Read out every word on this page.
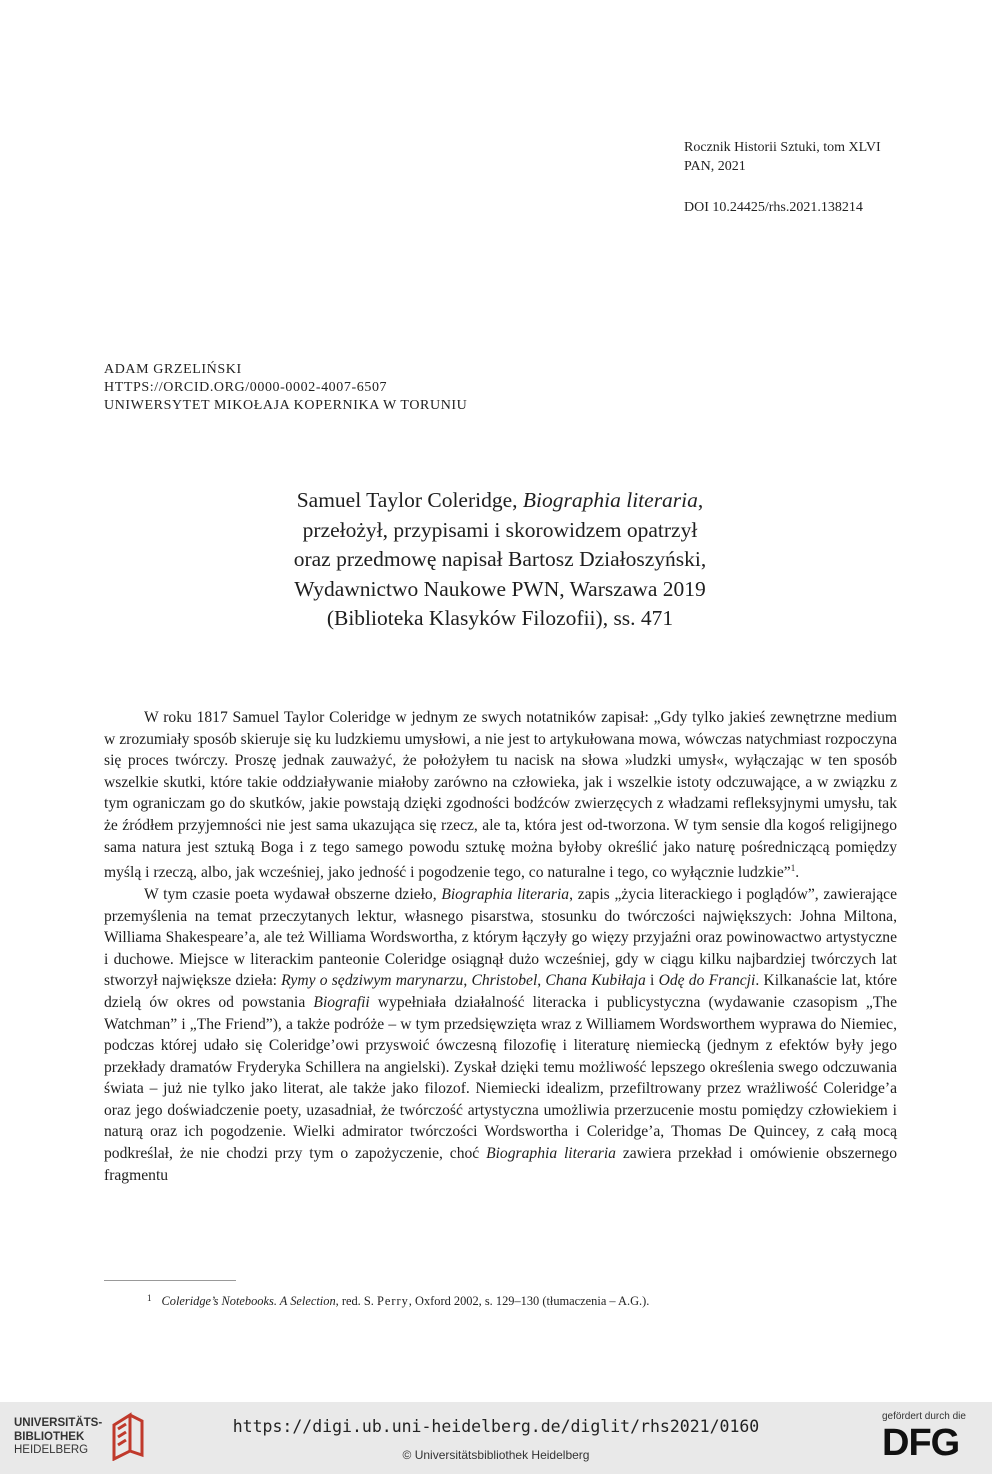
Rocznik Historii Sztuki, tom XLVI
PAN, 2021
DOI 10.24425/rhs.2021.138214
ADAM GRZELIŃSKI
HTTPS://ORCID.ORG/0000-0002-4007-6507
UNIWERSYTET MIKOŁAJA KOPERNIKA W TORUNIU
Samuel Taylor Coleridge, Biographia literaria,
przełożył, przypisami i skorowidzem opatrzył
oraz przedmowę napisał Bartosz Działoszyński,
Wydawnictwo Naukowe PWN, Warszawa 2019
(Biblioteka Klasyków Filozofii), ss. 471

W roku 1817 Samuel Taylor Coleridge w jednym ze swych notatników zapisał: „Gdy tylko jakieś zewnętrzne medium w zrozumiały sposób skieruje się ku ludzkiemu umysłowi, a nie jest to artykułowana mowa, wówczas natychmiast rozpoczyna się proces twórczy. Proszę jednak zauważyć, że położyłem tu nacisk na słowa »ludzki umysł«, wyłączając w ten sposób wszelkie skutki, które takie oddziaływanie miałoby zarówno na człowieka, jak i wszelkie istoty odczuwające, a w związku z tym ograniczam go do skutków, jakie powstają dzięki zgodności bodźców zwierzęcych z władzami refleksyjnymi umysłu, tak że źródłem przyjemności nie jest sama ukazująca się rzecz, ale ta, która jest od-tworzona. W tym sensie dla kogoś religijnego sama natura jest sztuką Boga i z tego samego powodu sztukę można byłoby określić jako naturę pośredniczącą pomiędzy myślą i rzeczą, albo, jak wcześniej, jako jedność i pogodzenie tego, co naturalne i tego, co wyłącznie ludzkie”$^1$.

W tym czasie poeta wydawał obszerne dzieło, Biographia literaria, zapis „życia literackiego i poglądów”, zawierające przemyślenia na temat przeczytanych lektur, własnego pisarstwa, stosunku do twórczości największych: Johna Miltona, Williama Shakespeare’a, ale też Williama Wordswortha, z którym łączyły go więzy przyjaźni oraz powinowactwo artystyczne i duchowe. Miejsce w literackim panteonie Coleridge osiągnął dużo wcześniej, gdy w ciągu kilku najbardziej twórczych lat stworzył największe dzieła: Rymy o sędziwym marynarzu, Christobel, Chana Kubiłaja i Odę do Francji. Kilkanaście lat, które dzielą ów okres od powstania Biografii wypełniała działalność literacka i publicystyczna (wydawanie czasopism „The Watchman” i „The Friend”), a także podróże – w tym przedsięwzięta wraz z Williamem Wordsworthem wyprawa do Niemiec, podczas której udało się Coleridge’owi przyswoić ówczesną filozofię i literaturę niemiecką (jednym z efektów były jego przekłady dramatów Fryderyka Schillera na angielski). Zyskał dzięki temu możliwość lepszego określenia swego odczuwania świata – już nie tylko jako literat, ale także jako filozof. Niemiecki idealizm, przefiltrowany przez wrażliwość Coleridge’a oraz jego doświadczenie poety, uzasadniał, że twórczość artystyczna umożliwia przerzucenie mostu pomiędzy człowiekiem i naturą oraz ich pogodzenie. Wielki admirator twórczości Wordswortha i Coleridge’a, Thomas De Quincey, z całą mocą podkreślał, że nie chodzi przy tym o zapożyczenie, choć Biographia literaria zawiera przekład i omówienie obszernego fragmentu

$^1$ Coleridge’s Notebooks. A Selection, red. S. Perry, Oxford 2002, s. 129–130 (tłumaczenia – A.G.).
UNIVERSITÄTS-
BIBLIOTHEK
HEIDELBERG
https://digi.ub.uni-heidelberg.de/diglit/rhs2021/0160
© Universitätsbibliothek Heidelberg
gefördert durch die
DFG
